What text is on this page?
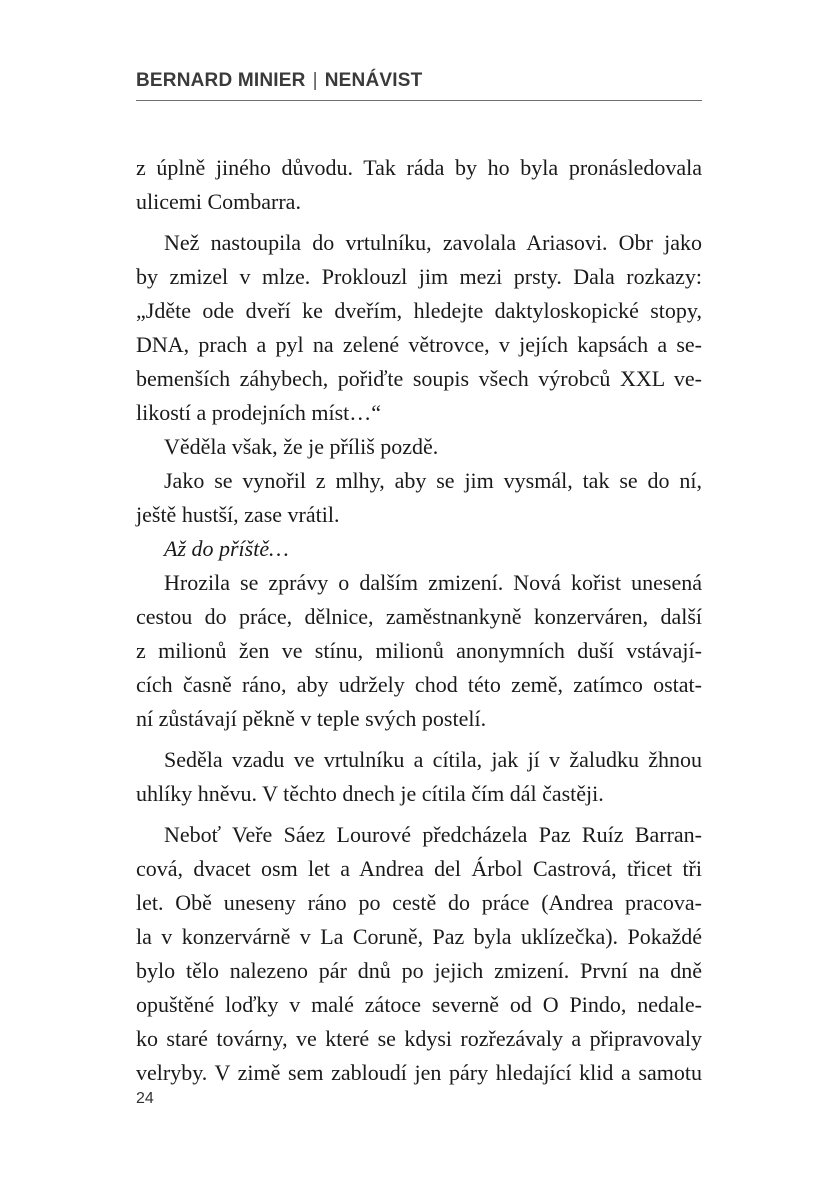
BERNARD MINIER | NENÁVIST
z úplně jiného důvodu. Tak ráda by ho byla pronásledovala
ulicemi Combarra.
Než nastoupila do vrtulníku, zavolala Ariasovi. Obr jako
by zmizel v mlze. Proklouzl jim mezi prsty. Dala rozkazy:
„Jděte ode dveří ke dveřím, hledejte daktyloskopické stopy,
DNA, prach a pyl na zelené větrovce, v jejích kapsách a se-
bemenších záhybech, pořiďte soupis všech výrobců XXL ve-
likostí a prodejních míst…“
Věděla však, že je příliš pozdě.
Jako se vynořil z mlhy, aby se jim vysmál, tak se do ní,
ještě hustší, zase vrátil.
Až do příště…
Hrozila se zprávy o dalším zmizení. Nová kořist unesená
cestou do práce, dělnice, zaměstnankyně konzerváren, další
z milionů žen ve stínu, milionů anonymních duší vstávají-
cích časně ráno, aby udržely chod této země, zatímco ostat-
ní zůstávají pěkně v teple svých postelí.
Seděla vzadu ve vrtulníku a cítila, jak jí v žaludku žhnou
uhlíky hněvu. V těchto dnech je cítila čím dál častěji.
Neboť Veře Sáez Lourové předcházela Paz Ruíz Barran-
cová, dvacet osm let a Andrea del Árbol Castrová, třicet tři
let. Obě uneseny ráno po cestě do práce (Andrea pracova-
la v konzervárně v La Coruně, Paz byla uklízečka). Pokaždé
bylo tělo nalezeno pár dnů po jejich zmizení. První na dně
opuštěné loďky v malé zátoce severně od O Pindo, nedale-
ko staré továrny, ve které se kdysi rozřezávaly a připravovaly
velryby. V zimě sem zabloudí jen páry hledající klid a samotu
24
